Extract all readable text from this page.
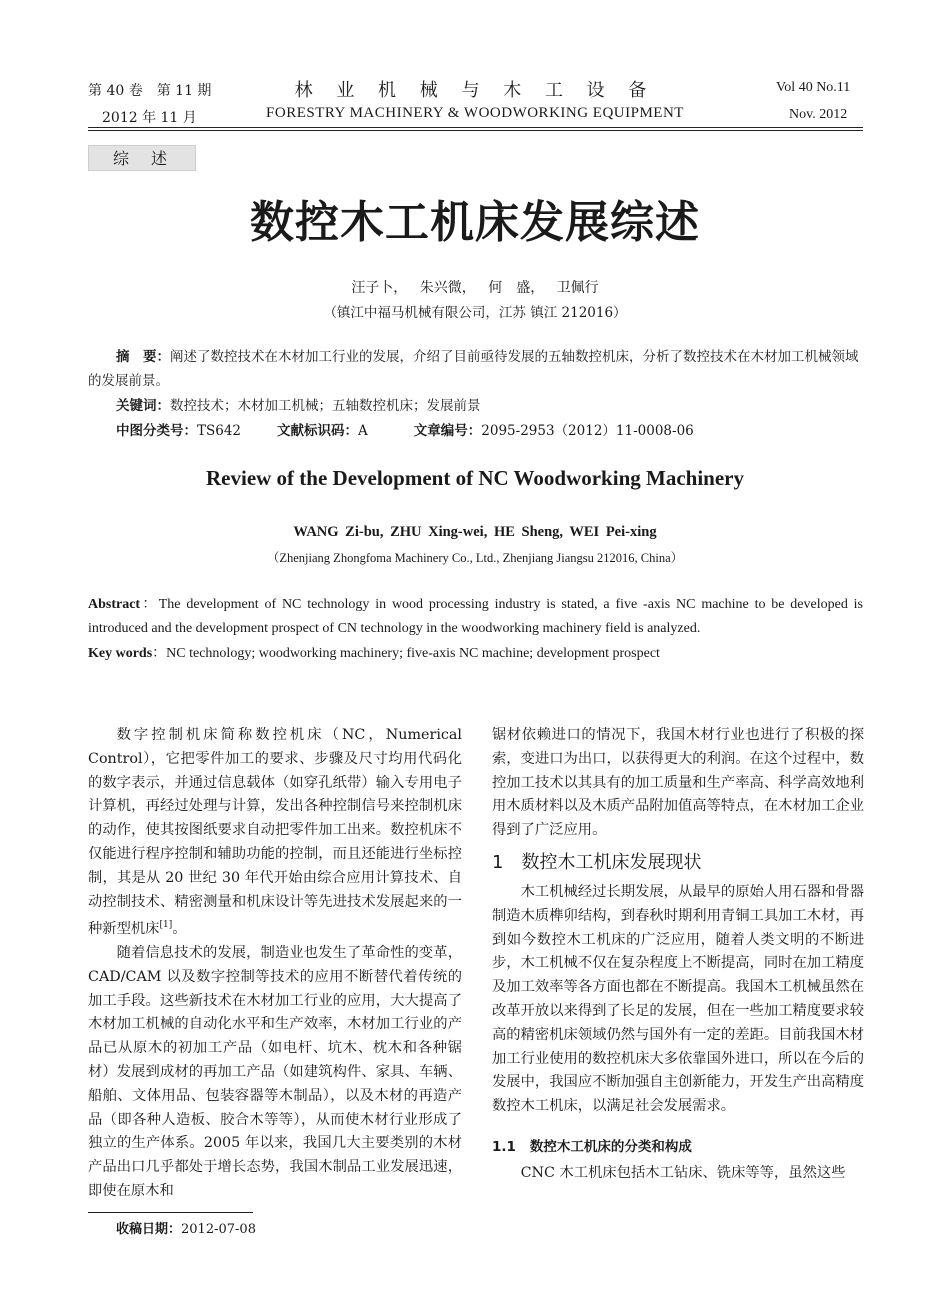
第 40 卷　第 11 期
2012 年 11 月
林 业 机 械 与 木 工 设 备
FORESTRY MACHINERY & WOODWORKING EQUIPMENT
Vol 40 No.11
Nov. 2012
综述
数控木工机床发展综述
汪子卜， 朱兴微， 何　盛， 卫佩行
（镇江中福马机械有限公司，江苏 镇江 212016）
摘　要：阐述了数控技术在木材加工行业的发展，介绍了目前亟待发展的五轴数控机床，分析了数控技术在木材加工机械领域的发展前景。
关键词：数控技术；木材加工机械；五轴数控机床；发展前景
中图分类号：TS642	文献标识码：A	文章编号：2095-2953（2012）11-0008-06
Review of the Development of NC Woodworking Machinery
WANG Zi-bu, ZHU Xing-wei, HE Sheng, WEI Pei-xing
（Zhenjiang Zhongfoma Machinery Co., Ltd., Zhenjiang Jiangsu 212016, China）
Abstract：The development of NC technology in wood processing industry is stated, a five -axis NC machine to be developed is introduced and the development prospect of CN technology in the woodworking machinery field is analyzed.
Key words：NC technology; woodworking machinery; five-axis NC machine; development prospect

数字控制机床简称数控机床（NC，Numerical Control），它把零件加工的要求、步骤及尺寸均用代码化的数字表示，并通过信息载体（如穿孔纸带）输入专用电子计算机，再经过处理与计算，发出各种控制信号来控制机床的动作，使其按图纸要求自动把零件加工出来。数控机床不仅能进行程序控制和辅助功能的控制，而且还能进行坐标控制，其是从 20 世纪 30 年代开始由综合应用计算技术、自动控制技术、精密测量和机床设计等先进技术发展起来的一种新型机床[1]。

随着信息技术的发展，制造业也发生了革命性的变革，CAD/CAM 以及数字控制等技术的应用不断替代着传统的加工手段。这些新技术在木材加工行业的应用，大大提高了木材加工机械的自动化水平和生产效率，木材加工行业的产品已从原木的初加工产品（如电杆、坑木、枕木和各种锯材）发展到成材的再加工产品（如建筑构件、家具、车辆、船舶、文体用品、包装容器等木制品），以及木材的再造产品（即各种人造板、胶合木等等），从而使木材行业形成了独立的生产体系。2005 年以来，我国几大主要类别的木材产品出口几乎都处于增长态势，我国木制品工业发展迅速，即使在原木和

锯材依赖进口的情况下，我国木材行业也进行了积极的探索，变进口为出口，以获得更大的利润。在这个过程中，数控加工技术以其具有的加工质量和生产率高、科学高效地利用木质材料以及木质产品附加值高等特点，在木材加工企业得到了广泛应用。

1 数控木工机床发展现状

木工机械经过长期发展，从最早的原始人用石器和骨器制造木质榫卯结构，到春秋时期利用青铜工具加工木材，再到如今数控木工机床的广泛应用，随着人类文明的不断进步，木工机械不仅在复杂程度上不断提高，同时在加工精度及加工效率等各方面也都在不断提高。我国木工机械虽然在改革开放以来得到了长足的发展，但在一些加工精度要求较高的精密机床领域仍然与国外有一定的差距。目前我国木材加工行业使用的数控机床大多依靠国外进口，所以在今后的发展中，我国应不断加强自主创新能力，开发生产出高精度数控木工机床，以满足社会发展需求。

1.1 数控木工机床的分类和构成

CNC 木工机床包括木工钻床、铣床等等，虽然这些

收稿日期：2012-07-08
